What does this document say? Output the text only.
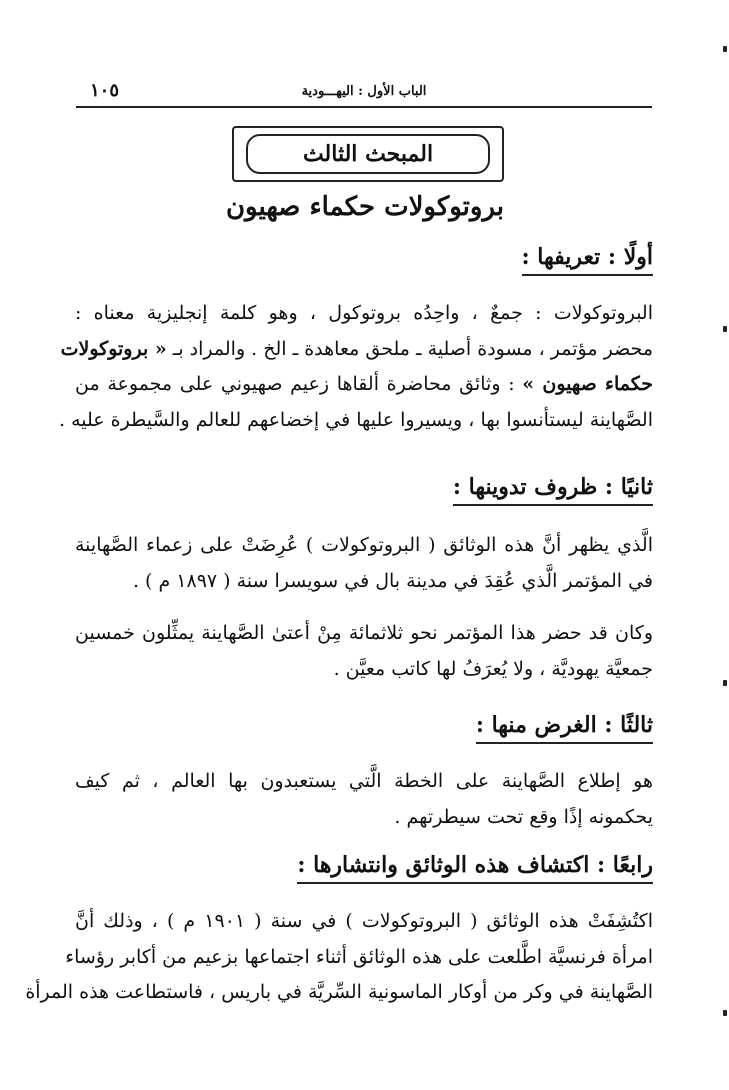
١٠٥	الباب الأول : اليهـــودية
المبحث الثالث
بروتوكولات حكماء صهيون
أولًا : تعريفها :
البروتوكولات : جمعٌ ، واحِدُه بروتوكول ، وهو كلمة إنجليزية معناه :
محضر مؤتمر ، مسودة أصلية ـ ملحق معاهدة ـ الخ . والمراد بـ « بروتوكولات
حكماء صهيون » : وثائق محاضرة ألقاها زعيم صهيوني على مجموعة من
الصَّهاينة ليستأنسوا بها ، ويسيروا عليها في إخضاعهم للعالم والسَّيطرة عليه .
ثانيًا : ظروف تدوينها :
الَّذي يظهر أنَّ هذه الوثائق ( البروتوكولات ) عُرِضَتْ على زعماء الصَّهاينة
في المؤتمر الَّذي عُقِدَ في مدينة بال في سويسرا سنة ( ١٨٩٧ م ) .
وكان قد حضر هذا المؤتمر نحو ثلاثمائة مِنْ أعتىٰ الصَّهاينة يمثِّلون خمسين
جمعيَّة يهوديَّة ، ولا يُعرَفُ لها كاتب معيَّن .
ثالثًا : الغرض منها :
هو إطلاع الصَّهاينة على الخطة الَّتي يستعبدون بها العالم ، ثم كيف
يحكمونه إذًا وقع تحت سيطرتهم .
رابعًا : اكتشاف هذه الوثائق وانتشارها :
اكتُشِفَتْ هذه الوثائق ( البروتوكولات ) في سنة ( ١٩٠١ م ) ، وذلك أنَّ
امرأة فرنسيَّة اطَّلعت على هذه الوثائق أثناء اجتماعها بزعيم من أكابر رؤساء
الصَّهاينة في وكر من أوكار الماسونية السِّريَّة في باريس ، فاستطاعت هذه المرأة
